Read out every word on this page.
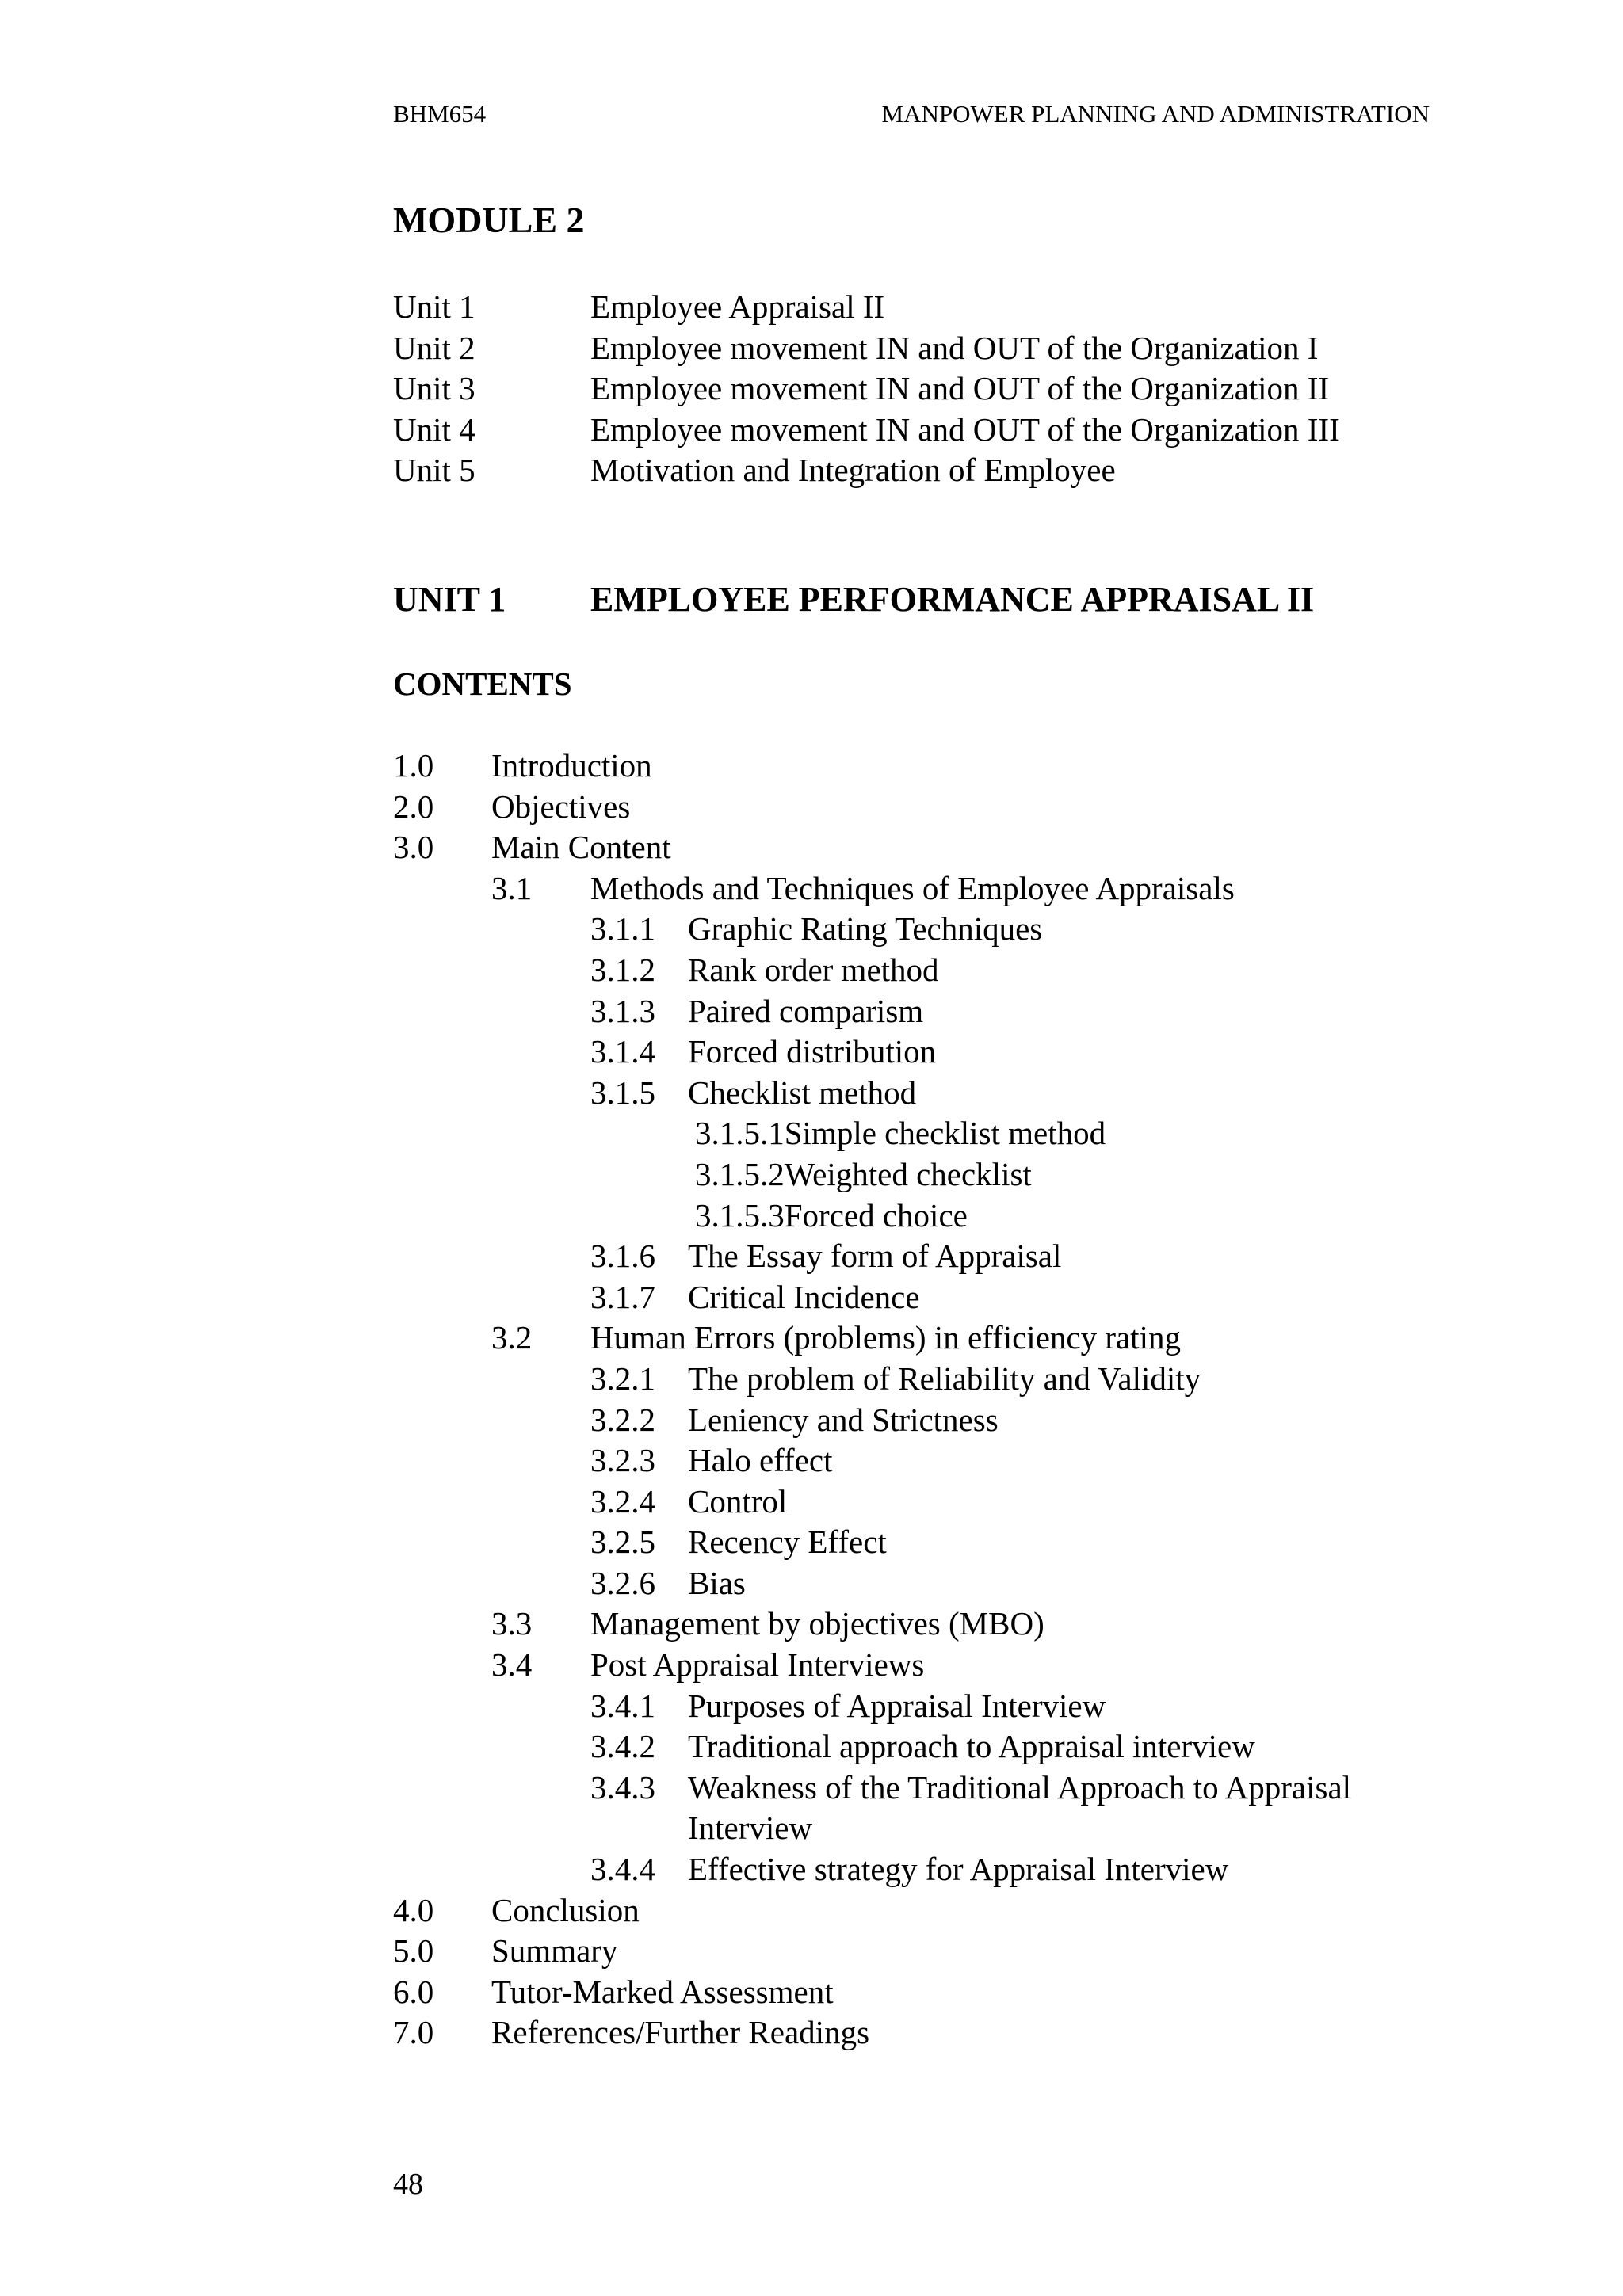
BHM654	MANPOWER PLANNING AND ADMINISTRATION
MODULE 2
Unit 1	Employee Appraisal II
Unit 2	Employee movement IN and OUT of the Organization I
Unit 3	Employee movement IN and OUT of the Organization II
Unit 4	Employee movement IN and OUT of the Organization III
Unit 5	Motivation and Integration of Employee
UNIT 1	EMPLOYEE PERFORMANCE APPRAISAL II
CONTENTS
1.0	Introduction
2.0	Objectives
3.0	Main Content
3.1	Methods and Techniques of Employee Appraisals
3.1.1	Graphic Rating Techniques
3.1.2	Rank order method
3.1.3	Paired comparism
3.1.4	Forced distribution
3.1.5	Checklist method
3.1.5.1 Simple checklist method
3.1.5.2 Weighted checklist
3.1.5.3 Forced choice
3.1.6	The Essay form of Appraisal
3.1.7	Critical Incidence
3.2	Human Errors (problems) in efficiency rating
3.2.1	The problem of Reliability and Validity
3.2.2	Leniency and Strictness
3.2.3	Halo effect
3.2.4	Control
3.2.5	Recency Effect
3.2.6	Bias
3.3	Management by objectives (MBO)
3.4	Post Appraisal Interviews
3.4.1	Purposes of Appraisal Interview
3.4.2	Traditional approach to Appraisal interview
3.4.3	Weakness of the Traditional Approach to Appraisal Interview
3.4.4	Effective strategy for Appraisal Interview
4.0	Conclusion
5.0	Summary
6.0	Tutor-Marked Assessment
7.0	References/Further Readings
48
